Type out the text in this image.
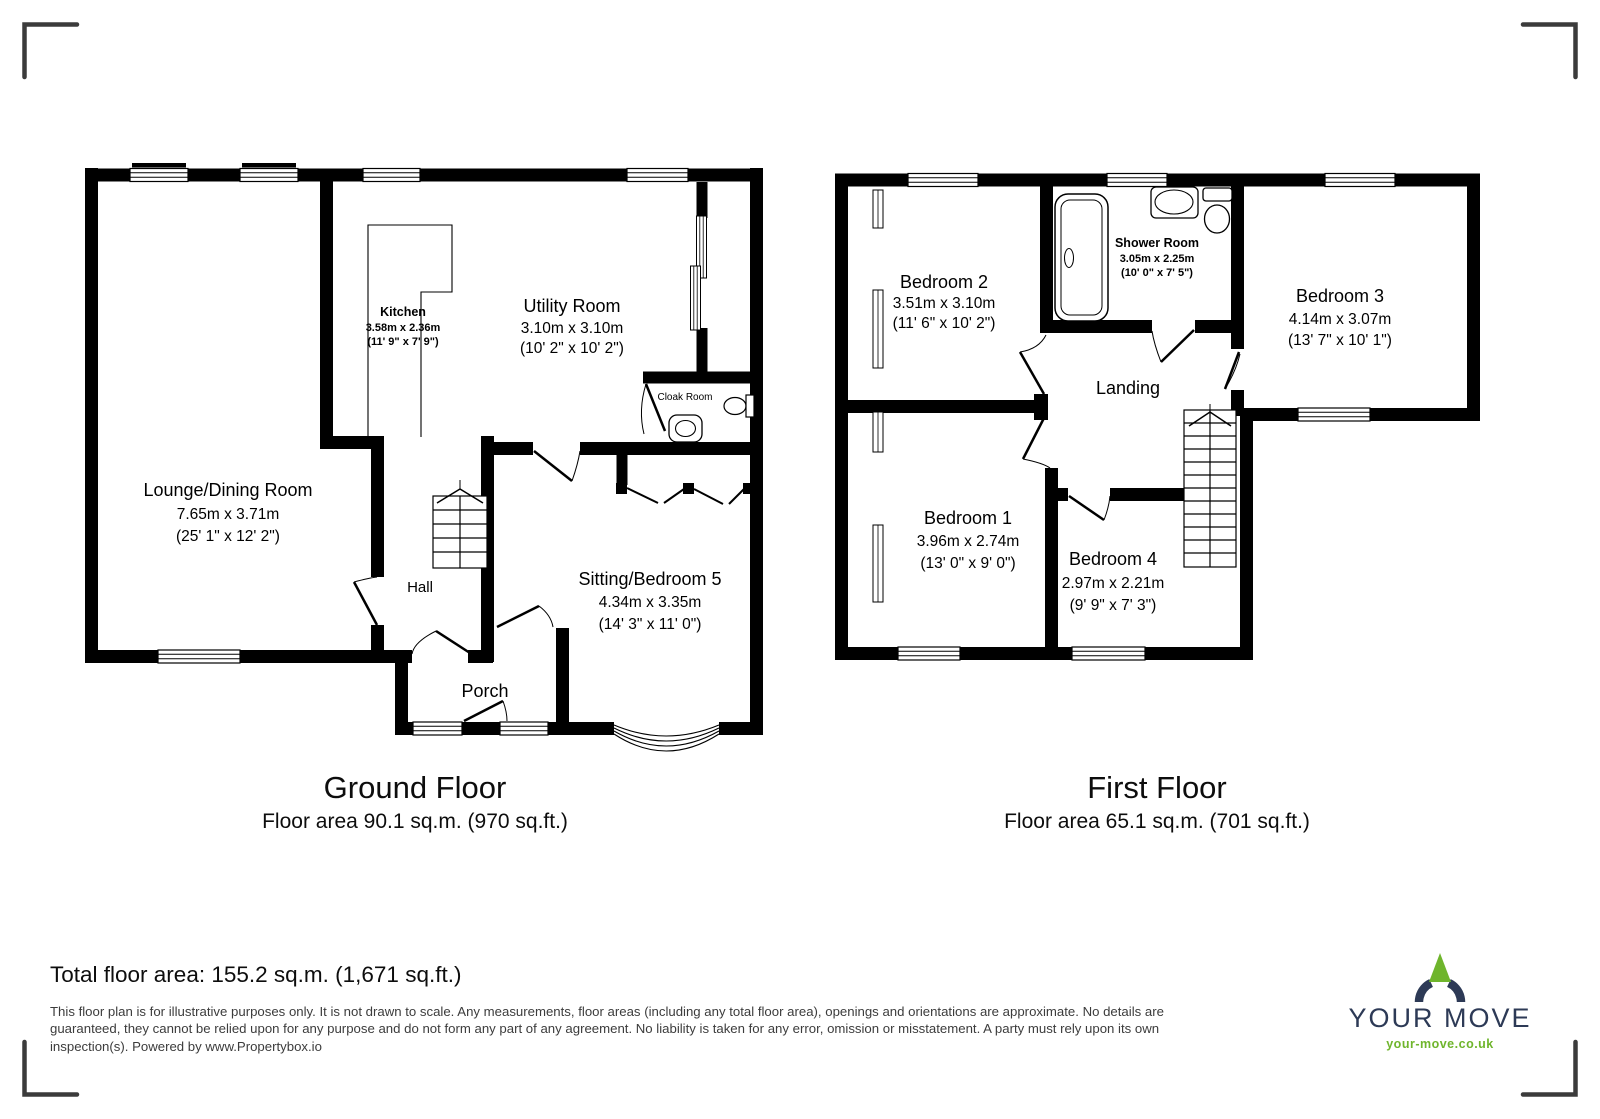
Lounge/Dining Room
7.65m x 3.71m
(25' 1" x 12' 2")
Kitchen
3.58m x 2.36m
(11' 9" x 7' 9")
Utility Room
3.10m x 3.10m
(10' 2" x 10' 2")
Cloak Room
Hall	Sitting/Bedroom 5
4.34m x 3.35m
(14' 3" x 11' 0")
Porch
Bedroom 2
3.51m x 3.10m
(11' 6" x 10' 2")
Shower Room
3.05m x 2.25m
(10' 0" x 7' 5")
Bedroom 3
4.14m x 3.07m
(13' 7" x 10' 1")
Landing
Bedroom 1
3.96m x 2.74m
(13' 0" x 9' 0")	Bedroom 4
2.97m x 2.21m
(9' 9" x 7' 3")
Ground Floor
Floor area 90.1 sq.m. (970 sq.ft.)
First Floor
Floor area 65.1 sq.m. (701 sq.ft.)
Total floor area: 155.2 sq.m. (1,671 sq.ft.)
This floor plan is for illustrative purposes only. It is not drawn to scale. Any measurements, floor areas (including any total floor area), openings and orientations are approximate. No details are
guaranteed, they cannot be relied upon for any purpose and do not form any part of any agreement. No liability is taken for any error, omission or misstatement. A party must rely upon its own
inspection(s). Powered by www.Propertybox.io
YOUR MOVE
your-move.co.uk
